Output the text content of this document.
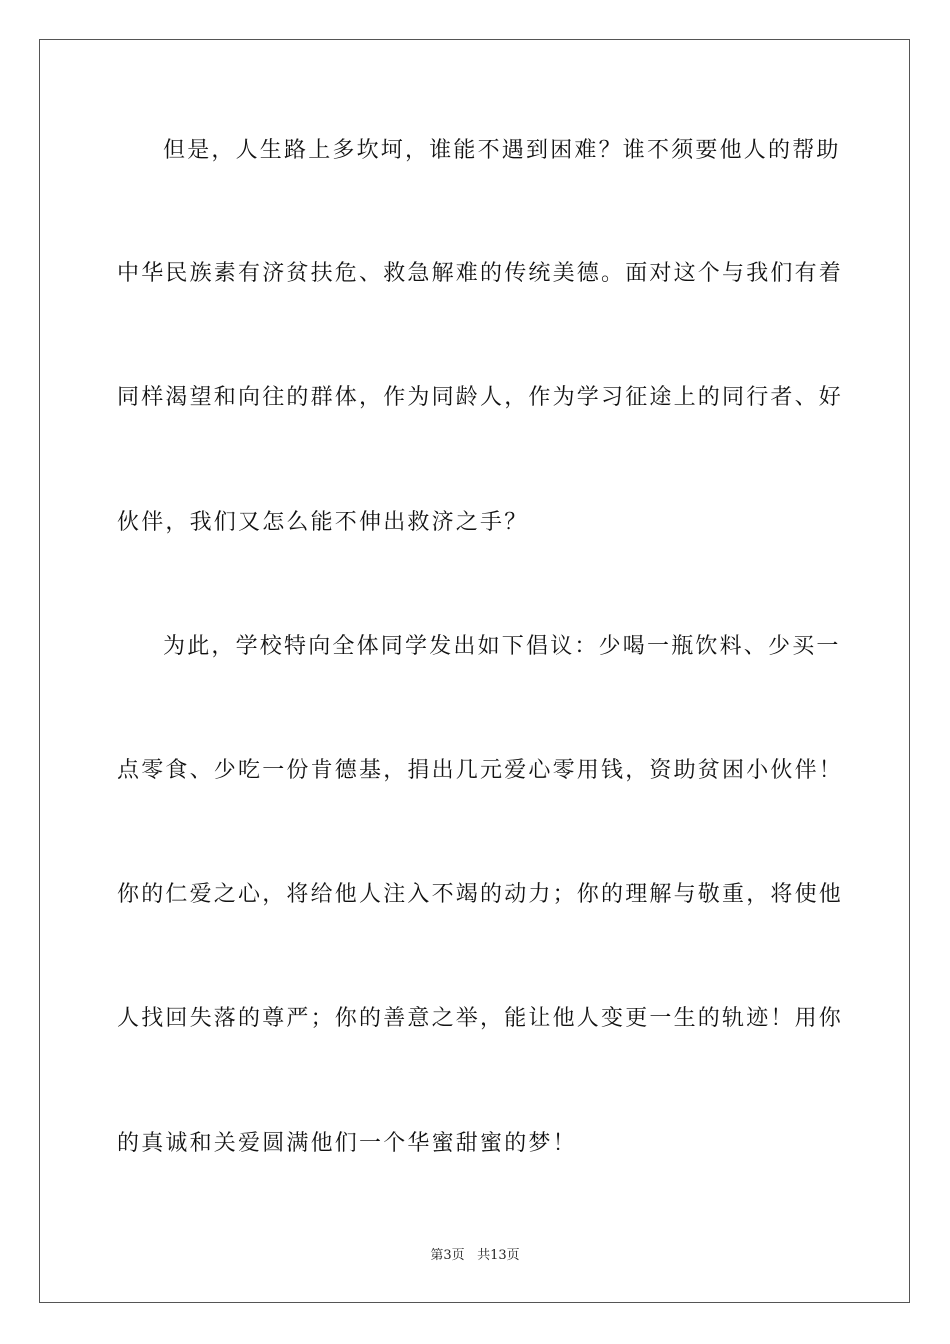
但是，人生路上多坎坷，谁能不遇到困难？谁不须要他人的帮助
中华民族素有济贫扶危、救急解难的传统美德。面对这个与我们有着
同样渴望和向往的群体，作为同龄人，作为学习征途上的同行者、好
伙伴，我们又怎么能不伸出救济之手？
为此，学校特向全体同学发出如下倡议：少喝一瓶饮料、少买一
点零食、少吃一份肯德基，捐出几元爱心零用钱，资助贫困小伙伴！
你的仁爱之心，将给他人注入不竭的动力；你的理解与敬重，将使他
人找回失落的尊严；你的善意之举，能让他人变更一生的轨迹！用你
的真诚和关爱圆满他们一个华蜜甜蜜的梦！
第3页 共13页
